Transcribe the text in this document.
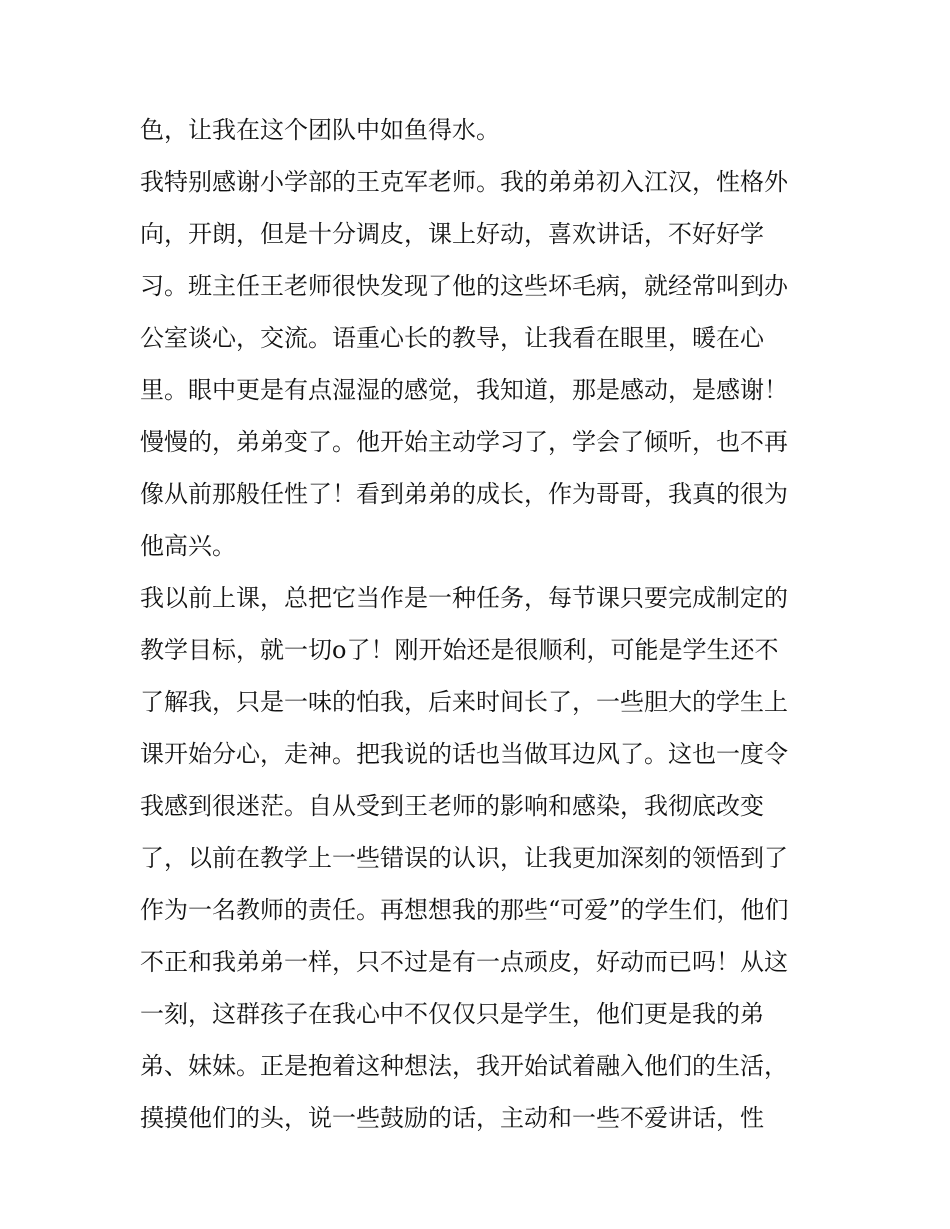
色，让我在这个团队中如鱼得水。
我特别感谢小学部的王克军老师。我的弟弟初入江汉，性格外
向，开朗，但是十分调皮，课上好动，喜欢讲话，不好好学
习。班主任王老师很快发现了他的这些坏毛病，就经常叫到办
公室谈心，交流。语重心长的教导，让我看在眼里，暖在心
里。眼中更是有点湿湿的感觉，我知道，那是感动，是感谢！
慢慢的，弟弟变了。他开始主动学习了，学会了倾听，也不再
像从前那般任性了！看到弟弟的成长，作为哥哥，我真的很为
他高兴。
我以前上课，总把它当作是一种任务，每节课只要完成制定的
教学目标，就一切o了！刚开始还是很顺利，可能是学生还不
了解我，只是一味的怕我，后来时间长了，一些胆大的学生上
课开始分心，走神。把我说的话也当做耳边风了。这也一度令
我感到很迷茫。自从受到王老师的影响和感染，我彻底改变
了，以前在教学上一些错误的认识，让我更加深刻的领悟到了
作为一名教师的责任。再想想我的那些“可爱”的学生们，他们
不正和我弟弟一样，只不过是有一点顽皮，好动而已吗！从这
一刻，这群孩子在我心中不仅仅只是学生，他们更是我的弟
弟、妹妹。正是抱着这种想法，我开始试着融入他们的生活，
摸摸他们的头，说一些鼓励的话，主动和一些不爱讲话，性
